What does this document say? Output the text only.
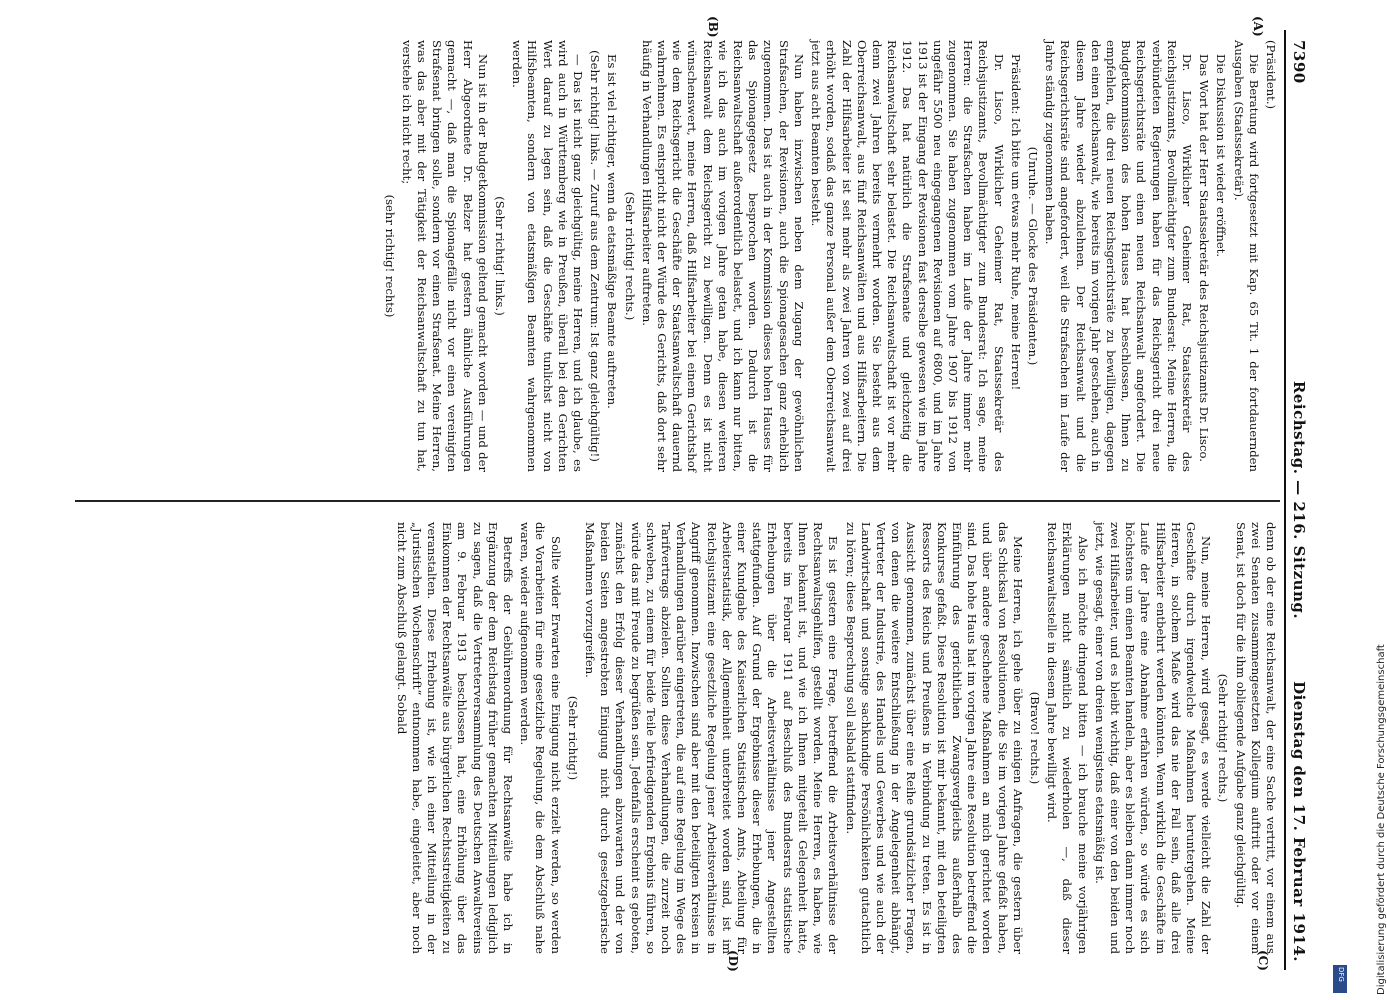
7390
Reichstag. — 216. Sitzung.
Dienstag den 17. Februar 1914.
(A)
(B)
(C)
(D)

(Präsident.)

Die Beratung wird fortgesetzt mit Kap. 65 Tit. 1 der fortdauernden Ausgaben (Staatssekretär).

Die Diskussion ist wieder eröffnet.

Das Wort hat der Herr Staatssekretär des Reichsjustizamts Dr. Lisco.

Dr. Lisco, Wirklicher Geheimer Rat, Staatssekretär des Reichsjustizamts, Bevollmächtigter zum Bundesrat: Meine Herren, die verbündeten Regierungen haben für das Reichsgericht drei neue Reichsgerichtsräte und einen neuen Reichsanwalt angefordert. Die Budgetkommission des hohen Hauses hat beschlossen, Ihnen zu empfehlen, die drei neuen Reichsgerichtsräte zu bewilligen, dagegen den einen Reichsanwalt, wie bereits im vorigen Jahr geschehen, auch in diesem Jahre wieder abzulehnen. Der Reichsanwalt und die Reichsgerichtsräte sind angefordert, weil die Strafsachen im Laufe der Jahre ständig zugenommen haben.

(Unruhe. — Glocke des Präsidenten.)

Präsident: Ich bitte um etwas mehr Ruhe, meine Herren!

Dr. Lisco, Wirklicher Geheimer Rat, Staatssekretär des Reichsjustizamts, Bevollmächtigter zum Bundesrat: Ich sage, meine Herren: die Strafsachen haben im Laufe der Jahre immer mehr zugenommen. Sie haben zugenommen vom Jahre 1907 bis 1912 von ungefähr 5500 neu eingegangenen Revisionen auf 6800, und im Jahre 1913 ist der Eingang der Revisionen fast derselbe gewesen wie im Jahre 1912. Das hat natürlich die Strafsenate und gleichzeitig die Reichsanwaltschaft sehr belastet. Die Reichsanwaltschaft ist vor mehr denn zwei Jahren bereits vermehrt worden. Sie besteht aus dem Oberreichsanwalt, aus fünf Reichsanwälten und aus Hilfsarbeitern. Die Zahl der Hilfsarbeiter ist seit mehr als zwei Jahren von zwei auf drei erhöht worden, sodaß das ganze Personal außer dem Oberreichsanwalt jetzt aus acht Beamten besteht.

Nun haben inzwischen neben dem Zugang der gewöhnlichen Strafsachen, der Revisionen, auch die Spionagesachen ganz erheblich zugenommen. Das ist auch in der Kommission dieses hohen Hauses für das Spionagegesetz besprochen worden. Dadurch ist die Reichsanwaltschaft außerordentlich belastet, und ich kann nur bitten, wie ich das auch im vorigen Jahre getan habe, diesen weiteren Reichsanwalt dem Reichsgericht zu bewilligen. Denn es ist nicht wünschenswert, meine Herren, daß Hilfsarbeiter bei einem Gerichtshof wie dem Reichsgericht die Geschäfte der Staatsanwaltschaft dauernd wahrnehmen. Es entspricht nicht der Würde des Gerichts, daß dort sehr häufig in Verhandlungen Hilfsarbeiter auftreten.

(Sehr richtig! rechts.)

Es ist viel richtiger, wenn da etatsmäßige Beamte auftreten.

(Sehr richtig! links. — Zuruf aus dem Zentrum: Ist ganz gleichgültig!)

— Das ist nicht ganz gleichgültig, meine Herren, und ich glaube, es wird auch in Württemberg wie in Preußen, überall bei den Gerichten Wert darauf zu legen sein, daß die Geschäfte tunlichst nicht von Hilfsbeamten, sondern von etatsmäßigen Beamten wahrgenommen werden.

(Sehr richtig! links.)

Nun ist in der Budgetkommission geltend gemacht worden — und der Herr Abgeordnete Dr. Belzer hat gestern ähnliche Ausführungen gemacht —, daß man die Spionagefälle nicht vor einen vereinigten Strafsenat bringen solle, sondern vor einen Strafsenat. Meine Herren, was das aber mit der Tätigkeit der Reichsanwaltschaft zu tun hat, verstehe ich nicht recht;

(sehr richtig! rechts)

denn ob der eine Reichsanwalt, der eine Sache vertritt, vor einem aus zwei Senaten zusammengesetzten Kollegium auftritt oder vor einem Senat, ist doch für die ihm obliegende Aufgabe ganz gleichgültig.

(Sehr richtig! rechts.)

Nun, meine Herren, wird gesagt, es werde vielleicht die Zahl der Geschäfte durch irgendwelche Maßnahmen heruntergehen. Meine Herren, in solchem Maße wird das nie der Fall sein, daß alle drei Hilfsarbeiter entbehrt werden könnten. Wenn wirklich die Geschäfte im Laufe der Jahre eine Abnahme erfahren würden, so würde es sich höchstens um einen Beamten handeln, aber es bleiben dann immer noch zwei Hilfsarbeiter, und es bleibt wichtig, daß einer von den beiden und jetzt, wie gesagt, einer von dreien wenigstens etatsmäßig ist.

Also ich möchte dringend bitten — ich brauche meine vorjährigen Erklärungen nicht sämtlich zu wiederholen —, daß dieser Reichsanwaltsstelle in diesem Jahre bewilligt wird.

(Bravo! rechts.)

Meine Herren, ich gehe über zu einigen Anfragen, die gestern über das Schicksal von Resolutionen, die Sie im vorigen Jahre gefaßt haben, und über andere geschehene Maßnahmen an mich gerichtet worden sind. Das hohe Haus hat im vorigen Jahre eine Resolution betreffend die Einführung des gerichtlichen Zwangsvergleichs außerhalb des Konkurses gefaßt. Diese Resolution ist mir bekannt, mit den beteiligten Ressorts des Reichs und Preußens in Verbindung zu treten. Es ist in Aussicht genommen, zunächst über eine Reihe grundsätzlicher Fragen, von denen die weitere Entschließung in der Angelegenheit abhängt, Vertreter der Industrie, des Handels und Gewerbes und wie auch der Landwirtschaft und sonstige sachkundige Persönlichkeiten gutachtlich zu hören; diese Besprechung soll alsbald stattfinden.

Es ist gestern eine Frage, betreffend die Arbeitsverhältnisse der Rechtsanwaltsgehilfen, gestellt worden. Meine Herren, es haben, wie Ihnen bekannt ist, und wie ich Ihnen mitgeteilt Gelegenheit hatte, bereits im Februar 1911 auf Beschluß des Bundesrats statistische Erhebungen über die Arbeitsverhältnisse jener Angestellten stattgefunden. Auf Grund der Ergebnisse dieser Erhebungen, die in einer Kundgabe des Kaiserlichen Statistischen Amts, Abteilung für Arbeiterstatistik, der Allgemeinheit unterbreitet worden sind, ist im Reichsjustizamt eine gesetzliche Regelung jener Arbeitsverhältnisse in Angriff genommen. Inzwischen sind aber mit den beteiligten Kreisen in Verhandlungen darüber eingetreten, die auf eine Regelung im Wege des Tarifvertrags abzielen. Sollten diese Verhandlungen, die zurzeit noch schweben, zu einem für beide Teile befriedigenden Ergebnis führen, so würde das mit Freude zu begrüßen sein. Jedenfalls erscheint es geboten, zunächst den Erfolg dieser Verhandlungen abzuwarten und der von beiden Seiten angestrebten Einigung nicht durch gesetzgeberische Maßnahmen vorzugreifen.

(Sehr richtig!)

Sollte wider Erwarten eine Einigung nicht erzielt werden, so werden die Vorarbeiten für eine gesetzliche Regelung, die dem Abschluß nahe waren, wieder aufgenommen werden.

Betreffs der Gebührenordnung für Rechtsanwälte habe ich in Ergänzung der dem Reichstag früher gemachten Mitteilungen lediglich zu sagen, daß die Vertreterversammlung des Deutschen Anwaltvereins am 9. Februar 1913 beschlossen hat, eine Erhöhung über das Einkommen der Rechtsanwälte aus bürgerlichen Rechtsstreitigkeiten zu veranstalten. Diese Erhebung ist, wie ich einer Mitteilung in der „Juristischen Wochenschrift“ entnommen habe, eingeleitet, aber noch nicht zum Abschluß gelangt. Sobald

Digitalisierung gefördert durch die Deutsche Forschungsgemeinschaft
DFG
